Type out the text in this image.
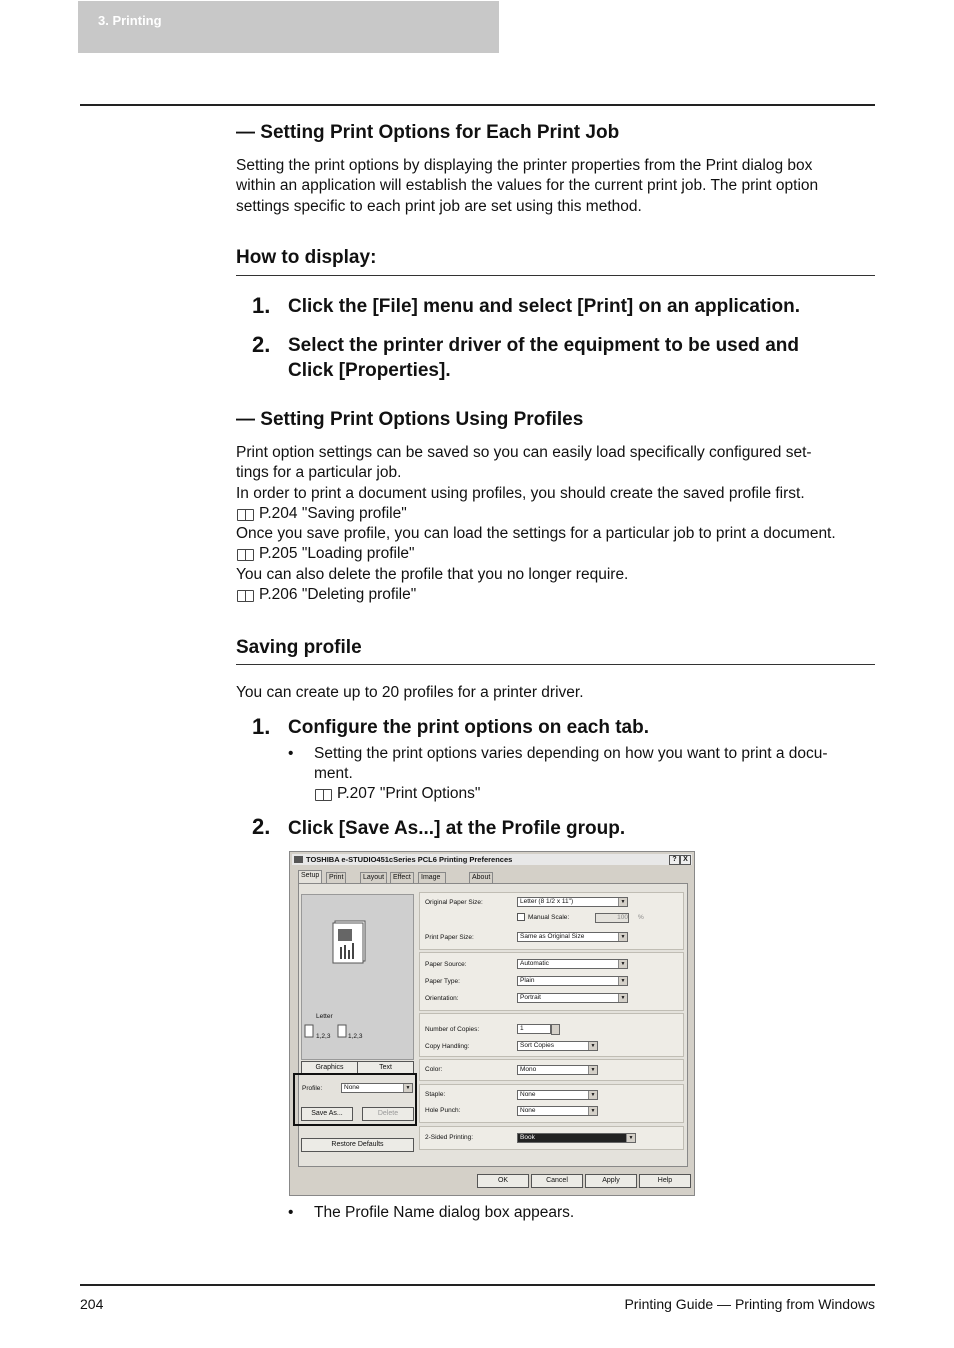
3. Printing
— Setting Print Options for Each Print Job
Setting the print options by displaying the printer properties from the Print dialog box
within an application will establish the values for the current print job. The print option
settings specific to each print job are set using this method.
How to display:
1. Click the [File] menu and select [Print] on an application.
2. Select the printer driver of the equipment to be used and
Click [Properties].
— Setting Print Options Using Profiles
Print option settings can be saved so you can easily load specifically configured set-
tings for a particular job.
In order to print a document using profiles, you should create the saved profile first.
P.204 "Saving profile"
Once you save profile, you can load the settings for a particular job to print a document.
P.205 "Loading profile"
You can also delete the profile that you no longer require.
P.206 "Deleting profile"
Saving profile
You can create up to 20 profiles for a printer driver.
1. Configure the print options on each tab.
• Setting the print options varies depending on how you want to print a docu-
ment.
P.207 "Print Options"
2. Click [Save As...] at the Profile group.
TOSHIBA e-STUDIO451cSeries PCL6 Printing Preferences	? X
Setup	Print	Layout	Effect	Image	About
Letter
1,2,3	1,2,3
Graphics	Text
Profile:	None	▼
Save As...	Delete
Restore Defaults
Original Paper Size:	Letter (8 1/2 x 11")	▼
Manual Scale:	100 %
Print Paper Size:	Same as Original Size	▼
Paper Source:	Automatic	▼
Paper Type:	Plain	▼
Orientation:	Portrait	▼
Number of Copies:	1
Copy Handling:	Sort Copies	▼
Color:	Mono	▼
Staple:	None	▼
Hole Punch:	None	▼
2-Sided Printing:	Book	▼
OK	Cancel	Apply	Help
• The Profile Name dialog box appears.
204	Printing Guide — Printing from Windows
